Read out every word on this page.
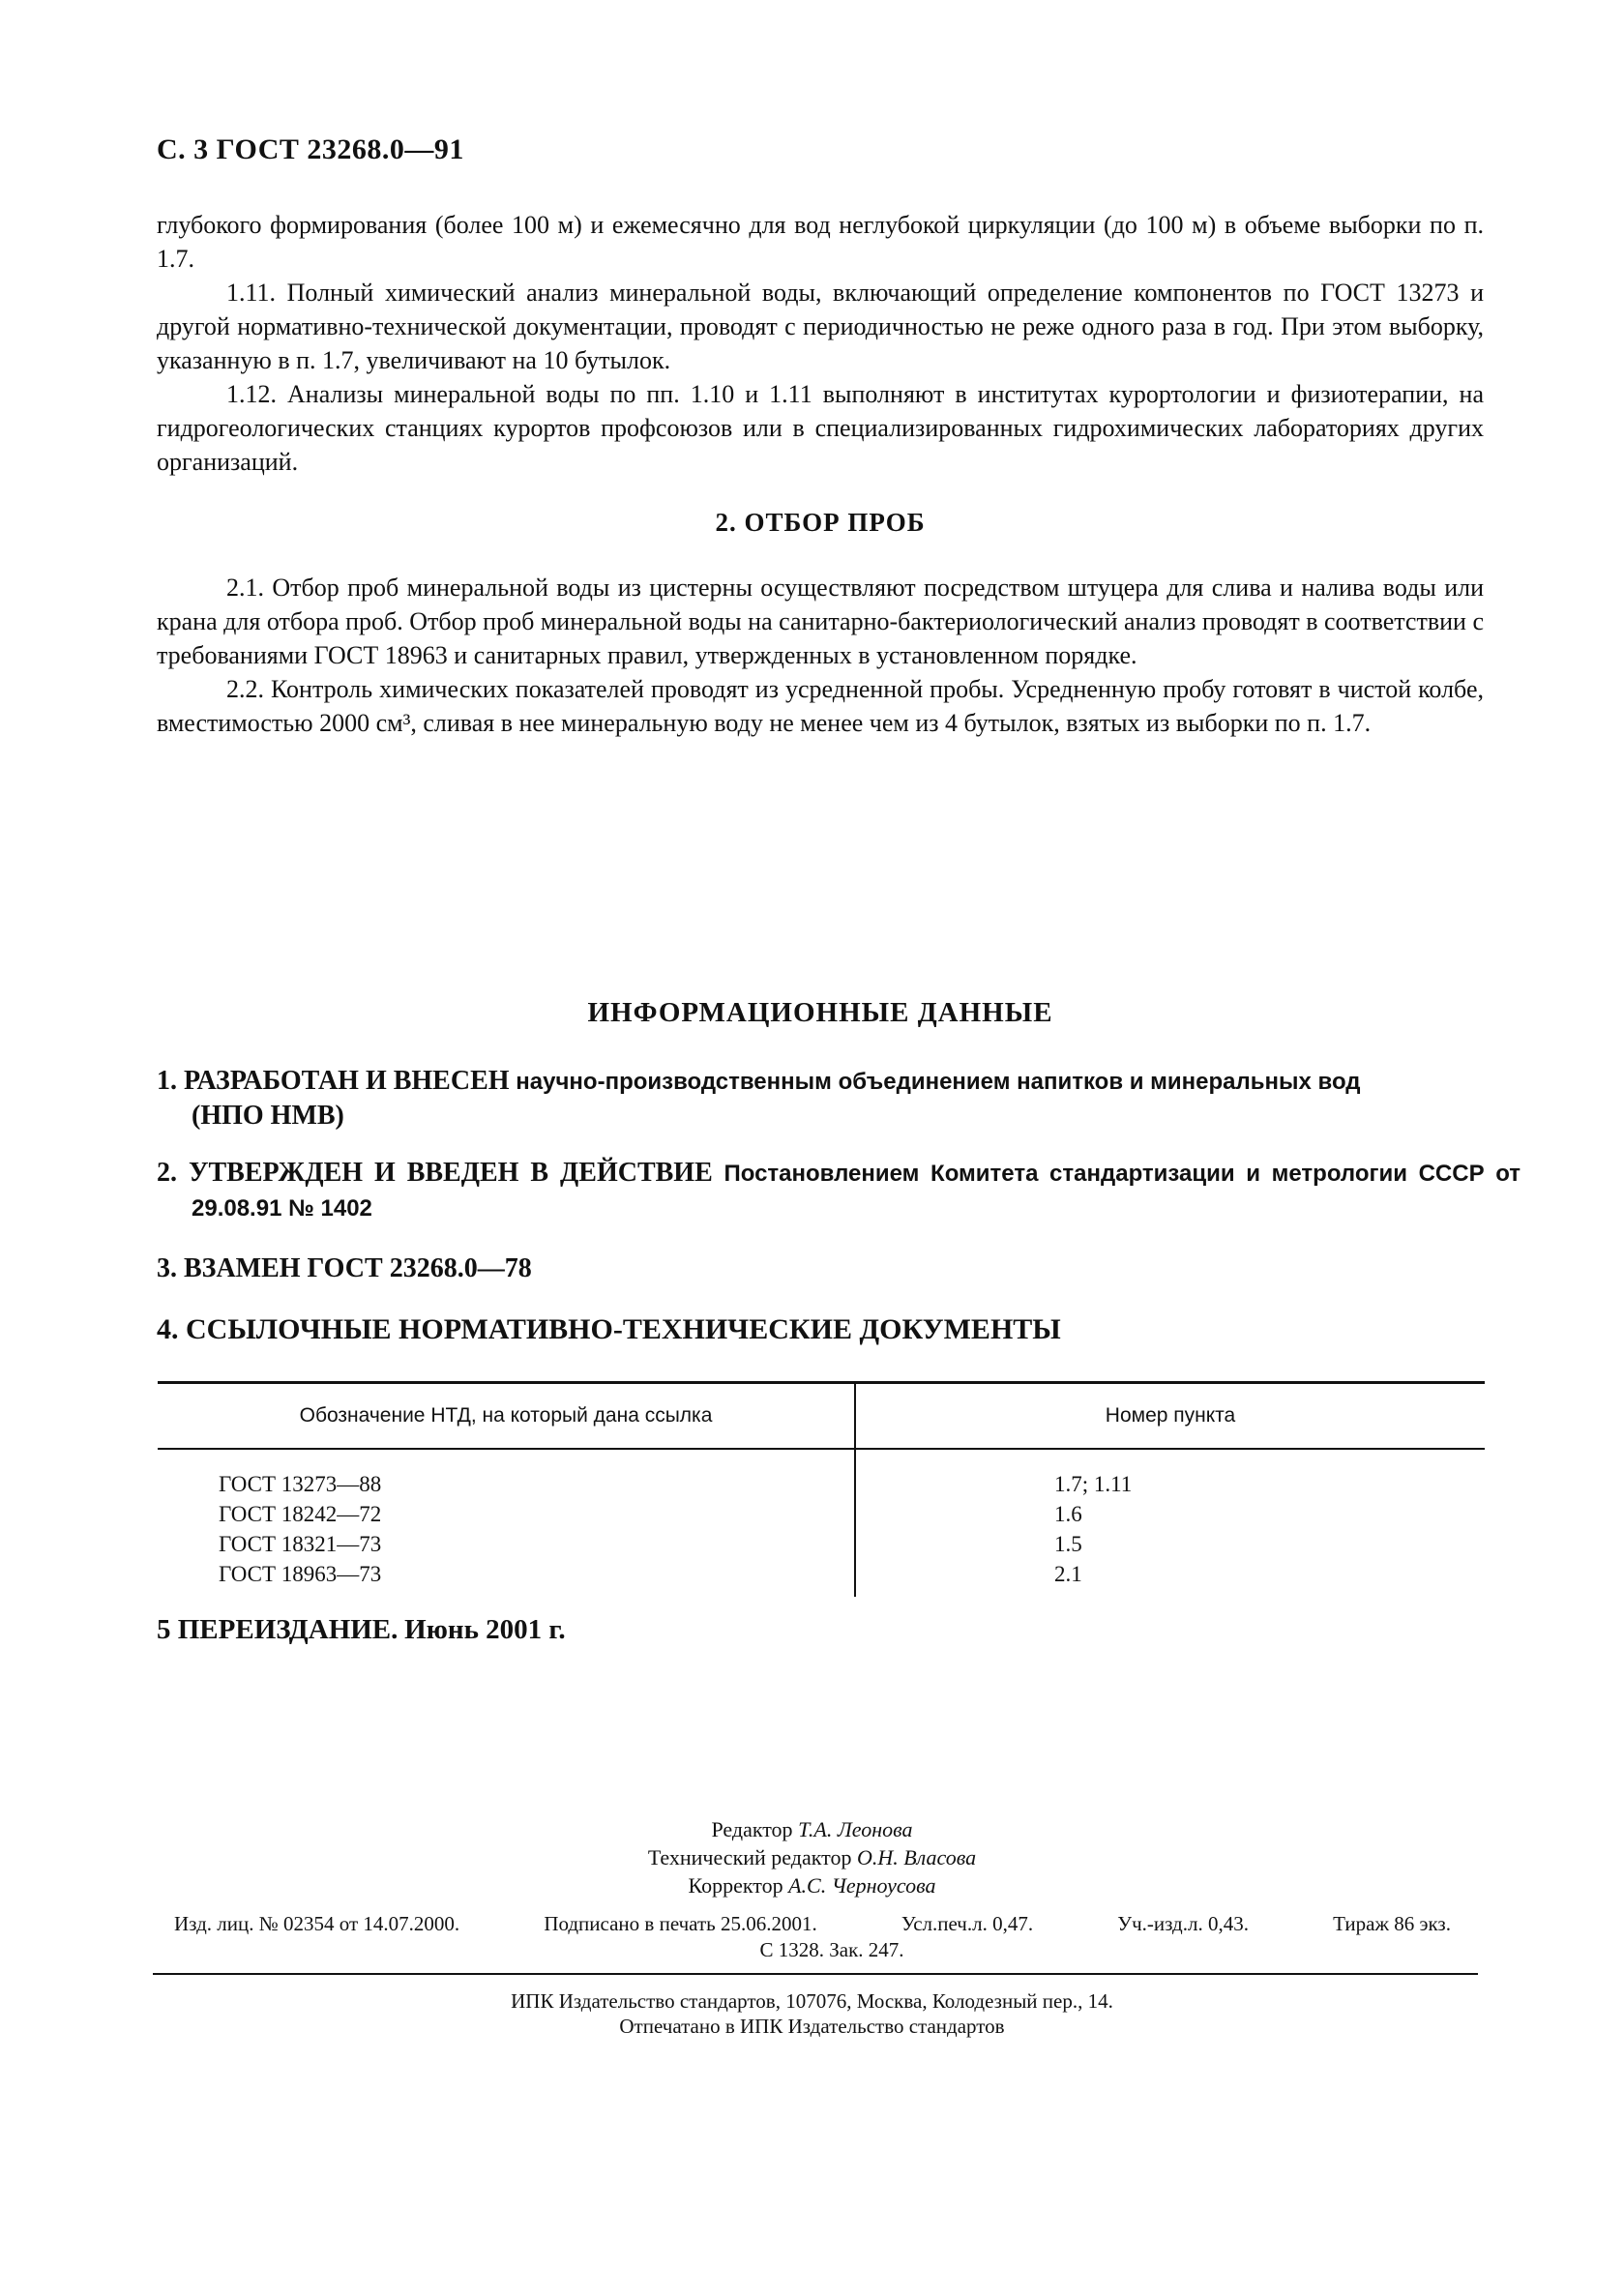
С. 3 ГОСТ 23268.0—91

глубокого формирования (более 100 м) и ежемесячно для вод неглубокой циркуляции (до 100 м) в объеме выборки по п. 1.7.

1.11. Полный химический анализ минеральной воды, включающий определение компонентов по ГОСТ 13273 и другой нормативно-технической документации, проводят с периодичностью не реже одного раза в год. При этом выборку, указанную в п. 1.7, увеличивают на 10 бутылок.

1.12. Анализы минеральной воды по пп. 1.10 и 1.11 выполняют в институтах курортологии и физиотерапии, на гидрогеологических станциях курортов профсоюзов или в специализированных гидрохимических лабораториях других организаций.

2. ОТБОР ПРОБ

2.1. Отбор проб минеральной воды из цистерны осуществляют посредством штуцера для слива и налива воды или крана для отбора проб. Отбор проб минеральной воды на санитарно-бактериологический анализ проводят в соответствии с требованиями ГОСТ 18963 и санитарных правил, утвержденных в установленном порядке.

2.2. Контроль химических показателей проводят из усредненной пробы. Усредненную пробу готовят в чистой колбе, вместимостью 2000 см³, сливая в нее минеральную воду не менее чем из 4 бутылок, взятых из выборки по п. 1.7.

ИНФОРМАЦИОННЫЕ ДАННЫЕ
1. РАЗРАБОТАН И ВНЕСЕН научно-производственным объединением напитков и минеральных вод
(НПО НМВ)
2. УТВЕРЖДЕН И ВВЕДЕН В ДЕЙСТВИЕ Постановлением Комитета стандартизации и метрологии СССР от 29.08.91 № 1402
3. ВЗАМЕН ГОСТ 23268.0—78
4. ССЫЛОЧНЫЕ НОРМАТИВНО-ТЕХНИЧЕСКИЕ ДОКУМЕНТЫ
Обозначение НТД, на который дана ссылка	Номер пункта
ГОСТ 13273—88	1.7; 1.11
ГОСТ 18242—72	1.6
ГОСТ 18321—73	1.5
ГОСТ 18963—73	2.1
5 ПЕРЕИЗДАНИЕ. Июнь 2001 г.
Редактор Т.А. Леонова
Технический редактор О.Н. Власова
Корректор А.С. Черноусова
Изд. лиц. № 02354 от 14.07.2000.	Подписано в печать 25.06.2001.	Усл.печ.л. 0,47.	Уч.-изд.л. 0,43.	Тираж 86 экз.
С 1328. Зак. 247.
ИПК Издательство стандартов, 107076, Москва, Колодезный пер., 14.
Отпечатано в ИПК Издательство стандартов
